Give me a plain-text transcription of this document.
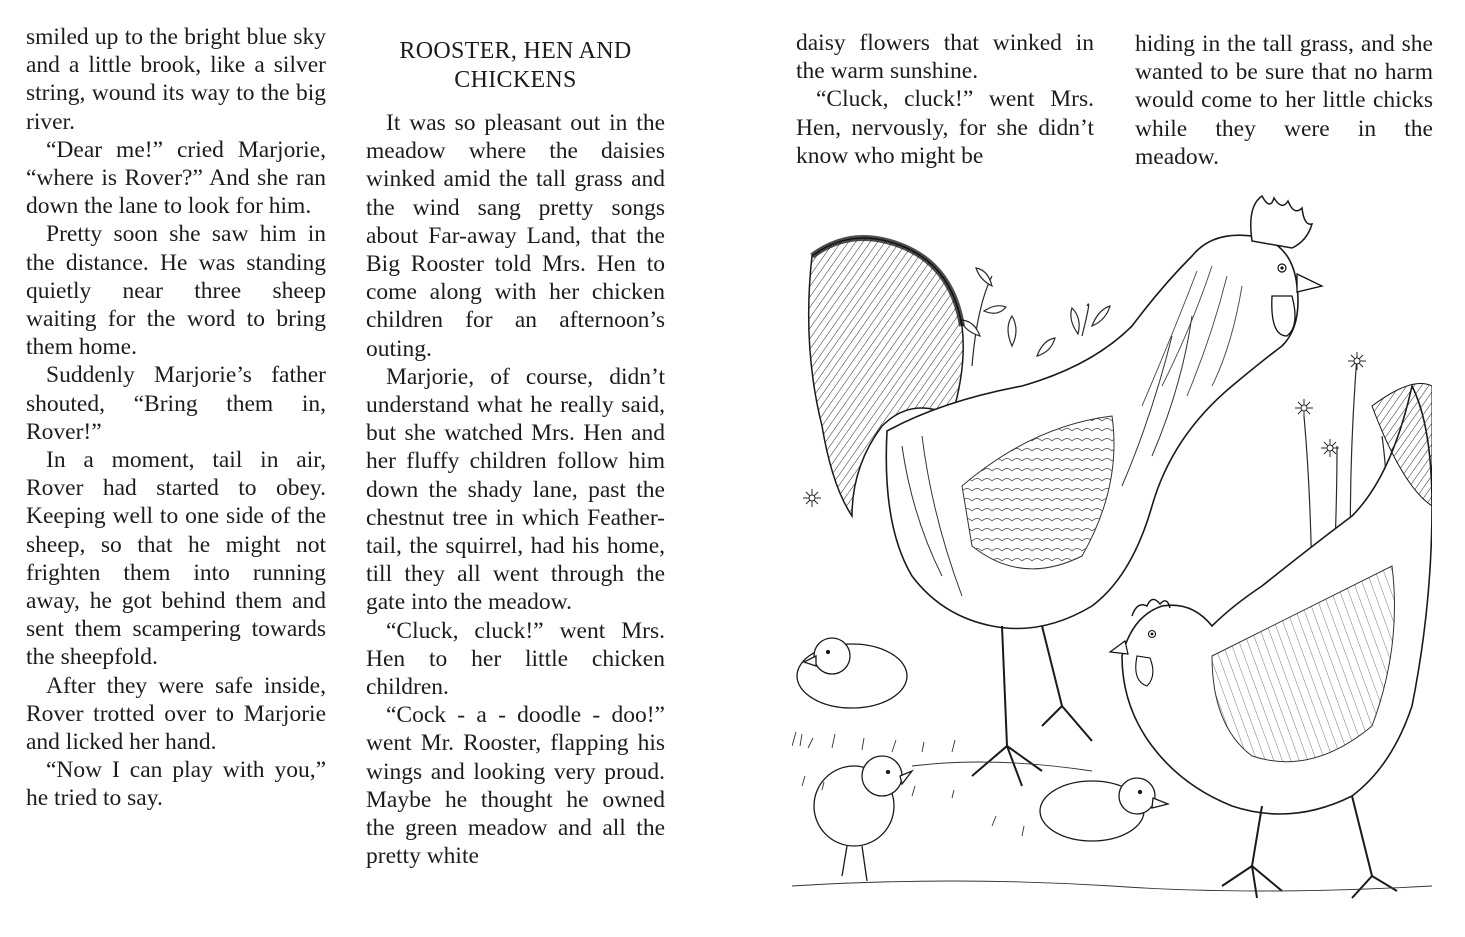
smiled up to the bright blue sky and a little brook, like a silver string, wound its way to the big river.

“Dear me!” cried Marjorie, “where is Rover?” And she ran down the lane to look for him.

Pretty soon she saw him in the distance. He was standing quietly near three sheep waiting for the word to bring them home.

Suddenly Marjorie’s father shouted, “Bring them in, Rover!”

In a moment, tail in air, Rover had started to obey. Keeping well to one side of the sheep, so that he might not frighten them into running away, he got behind them and sent them scampering towards the sheepfold.

After they were safe inside, Rover trotted over to Marjorie and licked her hand.

“Now I can play with you,” he tried to say.

ROOSTER, HEN AND
CHICKENS

It was so pleasant out in the meadow where the daisies winked amid the tall grass and the wind sang pretty songs about Far-away Land, that the Big Rooster told Mrs. Hen to come along with her chicken children for an afternoon’s outing.

Marjorie, of course, didn’t understand what he really said, but she watched Mrs. Hen and her fluffy children follow him down the shady lane, past the chestnut tree in which Feather-tail, the squirrel, had his home, till they all went through the gate into the meadow.

“Cluck, cluck!” went Mrs. Hen to her little chicken children.

“Cock - a - doodle - doo!” went Mr. Rooster, flapping his wings and looking very proud. Maybe he thought he owned the green meadow and all the pretty white

daisy flowers that winked in the warm sunshine.

“Cluck, cluck!” went Mrs. Hen, nervously, for she didn’t know who might be

hiding in the tall grass, and she wanted to be sure that no harm would come to her little chicks while they were in the meadow.
